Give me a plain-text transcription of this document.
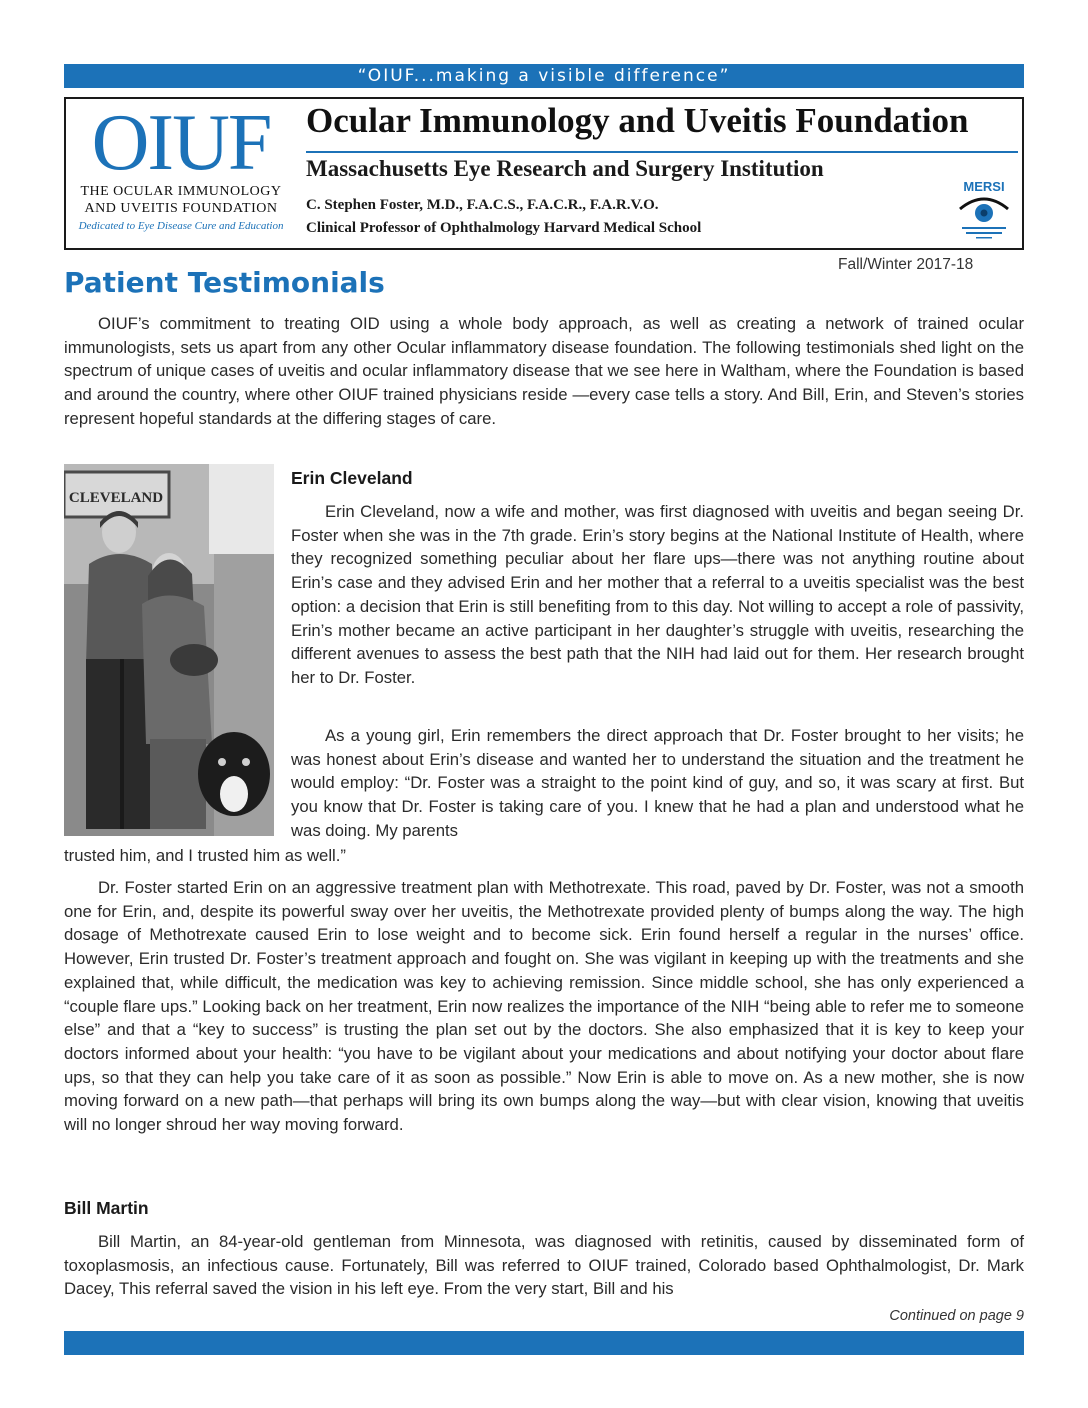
“OIUF...making a visible difference”
OIUF
THE OCULAR IMMUNOLOGY
AND UVEITIS FOUNDATION
Dedicated to Eye Disease Cure and Education
Ocular Immunology and Uveitis Foundation
Massachusetts Eye Research and Surgery Institution
C. Stephen Foster, M.D., F.A.C.S., F.A.C.R., F.A.R.V.O.
Clinical Professor of Ophthalmology Harvard Medical School
MERSI
Fall/Winter 2017-18
Patient Testimonials
OIUF’s commitment to treating OID using a whole body approach, as well as creating a network of trained ocular immunologists, sets us apart from any other Ocular inflammatory disease foundation. The following testimonials shed light on the spectrum of unique cases of uveitis and ocular inflammatory disease that we see here in Waltham, where the Foundation is based and around the country, where other OIUF trained physicians reside —every case tells a story. And Bill, Erin, and Steven’s stories represent hopeful standards at the differing stages of care.
CLEVELAND
Erin Cleveland
Erin Cleveland, now a wife and mother, was first diagnosed with uveitis and began seeing Dr. Foster when she was in the 7th grade. Erin’s story begins at the National Institute of Health, where they recognized something peculiar about her flare ups—there was not anything routine about Erin’s case and they advised Erin and her mother that a referral to a uveitis specialist was the best option: a decision that Erin is still benefiting from to this day. Not willing to accept a role of passivity, Erin’s mother became an active participant in her daughter’s struggle with uveitis, researching the different avenues to assess the best path that the NIH had laid out for them. Her research brought her to Dr. Foster.
As a young girl, Erin remembers the direct approach that Dr. Foster brought to her visits; he was honest about Erin’s disease and wanted her to understand the situation and the treatment he would employ: “Dr. Foster was a straight to the point kind of guy, and so, it was scary at first. But you know that Dr. Foster is taking care of you. I knew that he had a plan and understood what he was doing. My parents
trusted him, and I trusted him as well.”
Dr. Foster started Erin on an aggressive treatment plan with Methotrexate. This road, paved by Dr. Foster, was not a smooth one for Erin, and, despite its powerful sway over her uveitis, the Methotrexate provided plenty of bumps along the way. The high dosage of Methotrexate caused Erin to lose weight and to become sick. Erin found herself a regular in the nurses’ office. However, Erin trusted Dr. Foster’s treatment approach and fought on. She was vigilant in keeping up with the treatments and she explained that, while difficult, the medication was key to achieving remission. Since middle school, she has only experienced a “couple flare ups.” Looking back on her treatment, Erin now realizes the importance of the NIH “being able to refer me to someone else” and that a “key to success” is trusting the plan set out by the doctors. She also emphasized that it is key to keep your doctors informed about your health: “you have to be vigilant about your medications and about notifying your doctor about flare ups, so that they can help you take care of it as soon as possible.” Now Erin is able to move on. As a new mother, she is now moving forward on a new path—that perhaps will bring its own bumps along the way—but with clear vision, knowing that uveitis will no longer shroud her way moving forward.
Bill Martin
Bill Martin, an 84-year-old gentleman from Minnesota, was diagnosed with retinitis, caused by disseminated form of toxoplasmosis, an infectious cause. Fortunately, Bill was referred to OIUF trained, Colorado based Ophthalmologist, Dr. Mark Dacey, This referral saved the vision in his left eye. From the very start, Bill and his
Continued on page 9
